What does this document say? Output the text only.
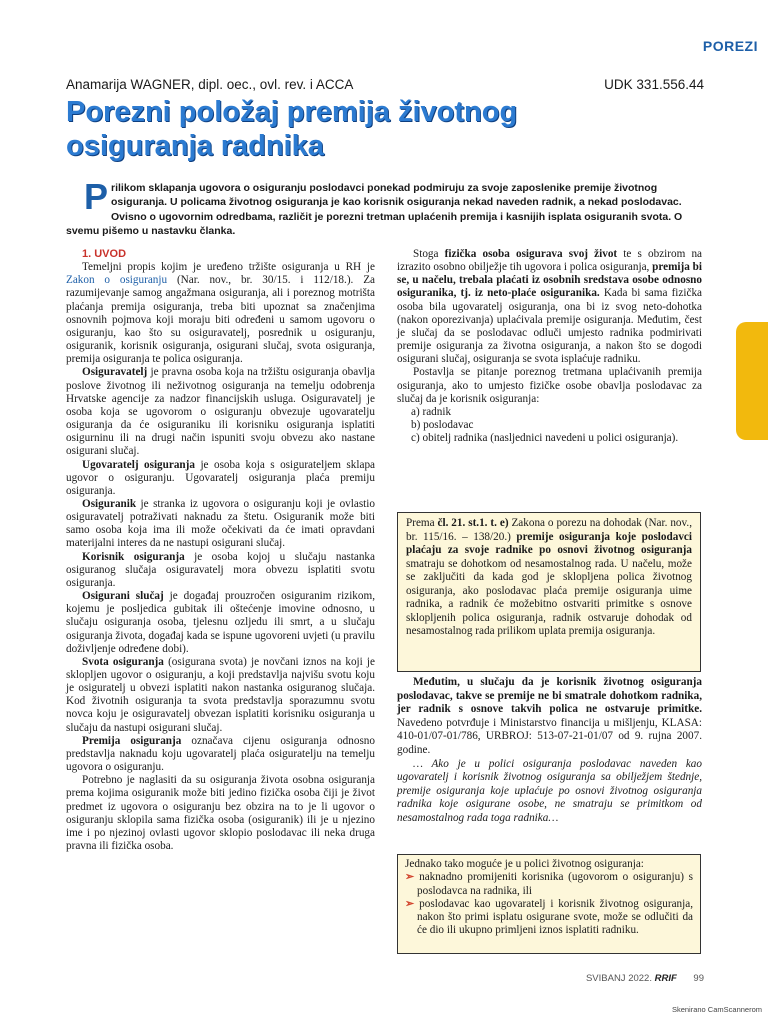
POREZI
Anamarija WAGNER, dipl. oec., ovl. rev. i ACCA	UDK 331.556.44
Porezni položaj premija životnog osiguranja radnika

Prilikom sklapanja ugovora o osiguranju poslodavci ponekad podmiruju za svoje zaposlenike premije životnog osiguranja. U policama životnog osiguranja je kao korisnik osiguranja nekad naveden radnik, a nekad poslodavac. Ovisno o ugovornim odredbama, različit je porezni tretman uplaćenih premija i kasnijih isplata osiguranih svota. O svemu pišemo u nastavku članka.

1. UVOD

Temeljni propis kojim je uređeno tržište osiguranja u RH je Zakon o osiguranju (Nar. nov., br. 30/15. i 112/18.). Za razumijevanje samog angažmana osiguranja, ali i poreznog motrišta plaćanja premija osiguranja, treba biti upoznat sa značenjima osnovnih pojmova koji moraju biti određeni u samom ugovoru o osiguranju, kao što su osiguravatelj, posrednik u osiguranju, osiguranik, korisnik osiguranja, osigurani slučaj, svota osiguranja, premija osiguranja te polica osiguranja.

Osiguravatelj je pravna osoba koja na tržištu osiguranja obavlja poslove životnog ili neživotnog osiguranja na temelju odobrenja Hrvatske agencije za nadzor financijskih usluga. Osiguravatelj je osoba koja se ugovorom o osiguranju obvezuje ugovaratelju osiguranja da će osiguraniku ili korisniku osiguranja isplatiti osigurninu ili na drugi način ispuniti svoju obvezu ako nastane osigurani slučaj.

Ugovaratelj osiguranja je osoba koja s osiguratelјem sklapa ugovor o osiguranju. Ugovaratelj osiguranja plaća premiju osiguranja.

Osiguranik je stranka iz ugovora o osiguranju koji je ovlastio osiguravatelj potraživati naknadu za štetu. Osiguranik može biti samo osoba koja ima ili može očekivati da će imati opravdani materijalni interes da ne nastupi osigurani slučaj.

Korisnik osiguranja je osoba kojoj u slučaju nastanka osiguranog slučaja osiguravatelj mora obvezu isplatiti svotu osiguranja.

Osigurani slučaj je događaj prouzročen osiguranim rizikom, kojemu je posljedica gubitak ili oštećenje imovine odnosno, u slučaju osiguranja osoba, tjelesnu ozljedu ili smrt, a u slučaju osiguranja života, događaj kada se ispune ugovoreni uvjeti (u pravilu doživljenje određene dobi).

Svota osiguranja (osigurana svota) je novčani iznos na koji je sklopljen ugovor o osiguranju, a koji predstavlja najvišu svotu koju je osiguratelj u obvezi isplatiti nakon nastanka osiguranog slučaja. Kod životnih osiguranja ta svota predstavlja sporazumnu svotu novca koju je osiguravatelj obvezan isplatiti korisniku osiguranja u slučaju da nastupi osigurani slučaj.

Premija osiguranja označava cijenu osiguranja odnosno predstavlja naknadu koju ugovaratelj plaća osiguratelju na temelju ugovora o osiguranju.

Potrebno je naglasiti da su osiguranja života osobna osiguranja prema kojima osiguranik može biti jedino fizička osoba čiji je život predmet iz ugovora o osiguranju bez obzira na to je li ugovor o osiguranju sklopila sama fizička osoba (osiguranik) ili je u njezino ime i po njezinoj ovlasti ugovor sklopio poslodavac ili neka druga pravna ili fizička osoba.

Stoga fizička osoba osigurava svoj život te s obzirom na izrazito osobno obilježje tih ugovora i polica osiguranja, premija bi se, u načelu, trebala plaćati iz osobnih sredstava osobe odnosno osiguranika, tj. iz neto-plaće osiguranika. Kada bi sama fizička osoba bila ugovaratelj osiguranja, ona bi iz svog neto-dohotka (nakon oporezivanja) uplaćivala premije osiguranja. Međutim, čest je slučaj da se poslodavac odluči umjesto radnika podmirivati premije osiguranja za životna osiguranja, a nakon što se dogodi osigurani slučaj, osiguranja se svota isplaćuje radniku.

Postavlja se pitanje poreznog tretmana uplaćivanih premija osiguranja, ako to umjesto fizičke osobe obavlja poslodavac za slučaj da je korisnik osiguranja:

a) radnik
b) poslodavac
c) obitelj radnika (nasljednici navedeni u polici osiguranja).
Prema čl. 21. st.1. t. e) Zakona o porezu na dohodak (Nar. nov., br. 115/16. – 138/20.) premije osiguranja koje poslodavci plaćaju za svoje radnike po osnovi životnog osiguranja smatraju se dohotkom od nesamostalnog rada. U načelu, može se zaključiti da kada god je sklopljena polica životnog osiguranja, ako poslodavac plaća premije osiguranja uime radnika, a radnik će možebitno ostvariti primitke s osnove sklopljenih polica osiguranja, radnik ostvaruje dohodak od nesamostalnog rada prilikom uplata premija osiguranja.

Međutim, u slučaju da je korisnik životnog osiguranja poslodavac, takve se premije ne bi smatrale dohotkom radnika, jer radnik s osnove takvih polica ne ostvaruje primitke. Navedeno potvrđuje i Ministarstvo financija u mišljenju, KLASA: 410-01/07-01/786, URBROJ: 513-07-21-01/07 od 9. rujna 2007. godine.

… Ako je u polici osiguranja poslodavac naveden kao ugovaratelj i korisnik životnog osiguranja sa obilježjem štednje, premije osiguranja koje uplaćuje po osnovi životnog osiguranja radnika koje osigurane osobe, ne smatraju se primitkom od nesamostalnog rada toga radnika…

Jednako tako moguće je u polici životnog osiguranja:
➢ naknadno promijeniti korisnika (ugovorom o osiguranju) s poslodavca na radnika, ili
➢ poslodavac kao ugovaratelj i korisnik životnog osiguranja, nakon što primi isplatu osigurane svote, može se odlučiti da će dio ili ukupno primljeni iznos isplatiti radniku.
SVIBANJ 2022. RRIF 99
Skenirano CamScannerom
